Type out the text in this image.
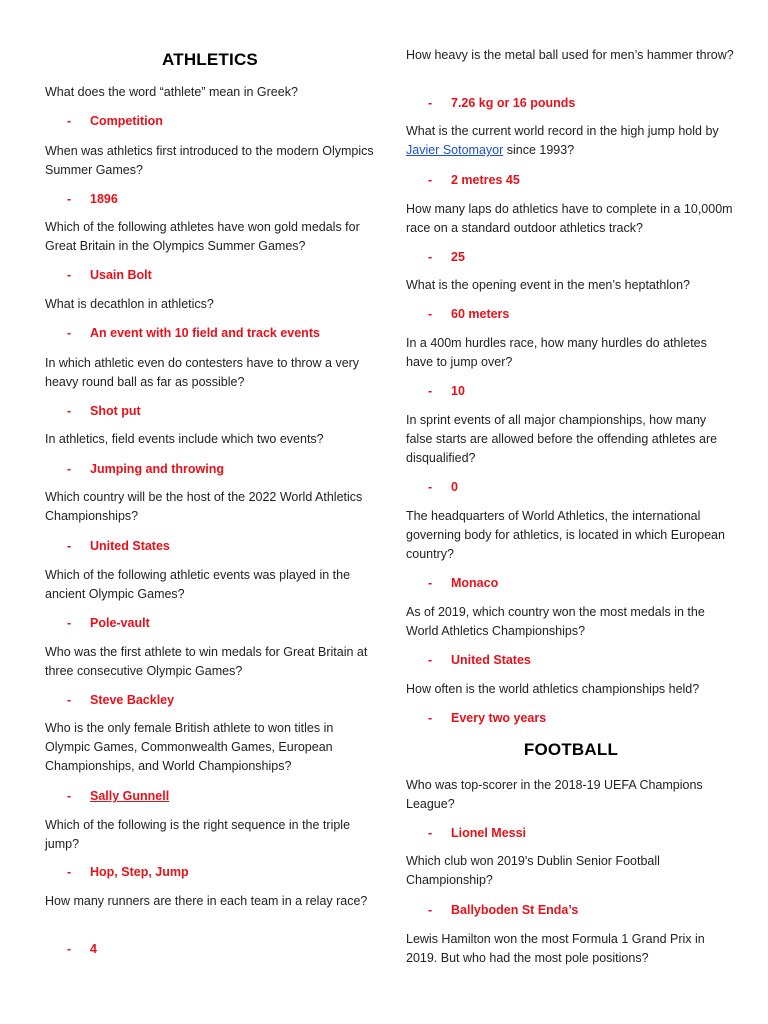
ATHLETICS
What does the word “athlete” mean in Greek?
- Competition
When was athletics first introduced to the modern Olympics Summer Games?
- 1896
Which of the following athletes have won gold medals for Great Britain in the Olympics Summer Games?
- Usain Bolt
What is decathlon in athletics?
- An event with 10 field and track events
In which athletic even do contesters have to throw a very heavy round ball as far as possible?
- Shot put
In athletics, field events include which two events?
- Jumping and throwing
Which country will be the host of the 2022 World Athletics Championships?
- United States
Which of the following athletic events was played in the ancient Olympic Games?
- Pole-vault
Who was the first athlete to win medals for Great Britain at three consecutive Olympic Games?
- Steve Backley
Who is the only female British athlete to won titles in Olympic Games, Commonwealth Games, European Championships, and World Championships?
- Sally Gunnell
Which of the following is the right sequence in the triple jump?
- Hop, Step, Jump
How many runners are there in each team in a relay race?
- 4
How heavy is the metal ball used for men’s hammer throw?
- 7.26 kg or 16 pounds
What is the current world record in the high jump hold by Javier Sotomayor since 1993?
- 2 metres 45
How many laps do athletics have to complete in a 10,000m race on a standard outdoor athletics track?
- 25
What is the opening event in the men’s heptathlon?
- 60 meters
In a 400m hurdles race, how many hurdles do athletes have to jump over?
- 10
In sprint events of all major championships, how many false starts are allowed before the offending athletes are disqualified?
- 0
The headquarters of World Athletics, the international governing body for athletics, is located in which European country?
- Monaco
As of 2019, which country won the most medals in the World Athletics Championships?
- United States
How often is the world athletics championships held?
- Every two years
FOOTBALL
Who was top-scorer in the 2018-19 UEFA Champions League?
- Lionel Messi
Which club won 2019's Dublin Senior Football Championship?
- Ballyboden St Enda’s
Lewis Hamilton won the most Formula 1 Grand Prix in 2019. But who had the most pole positions?
